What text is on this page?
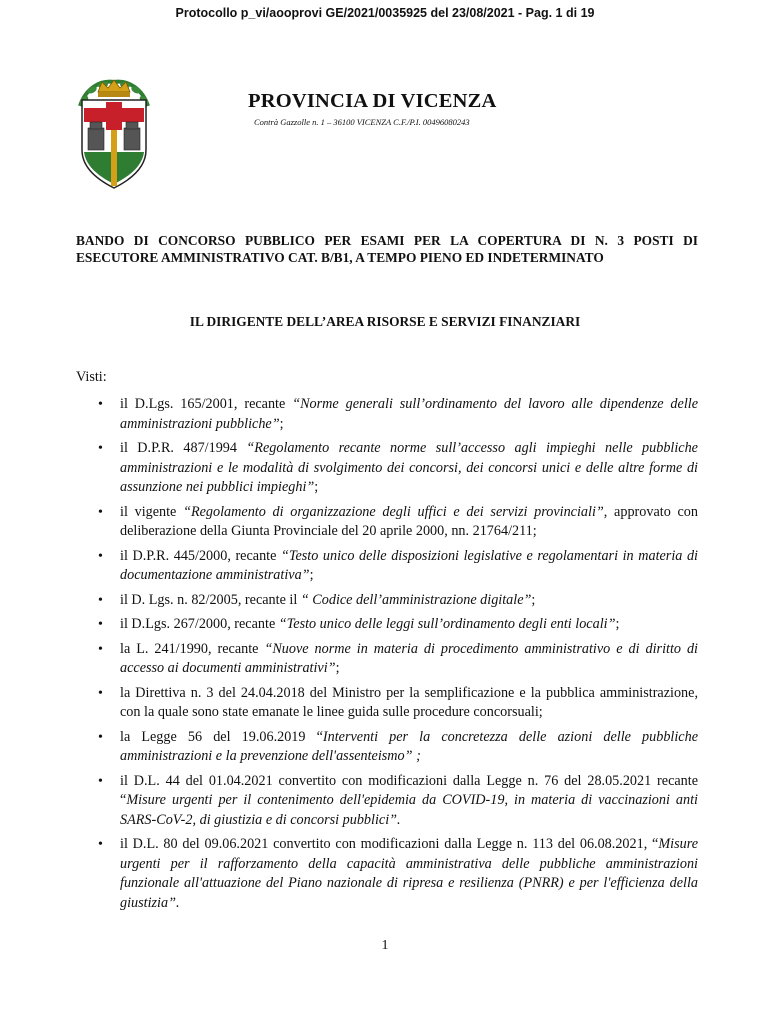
Protocollo p_vi/aooprovi GE/2021/0035925 del 23/08/2021 - Pag. 1 di 19
PROVINCIA DI VICENZA
Contrà Gazzolle n. 1 – 36100 VICENZA C.F./P.I. 00496080243
BANDO DI CONCORSO PUBBLICO PER ESAMI PER LA COPERTURA DI N. 3 POSTI DI ESECUTORE AMMINISTRATIVO CAT. B/B1, A TEMPO PIENO ED INDETERMINATO
IL DIRIGENTE DELL’AREA RISORSE E SERVIZI FINANZIARI
Visti:
• il D.Lgs. 165/2001, recante “Norme generali sull’ordinamento del lavoro alle dipendenze delle amministrazioni pubbliche”;
• il D.P.R. 487/1994 “Regolamento recante norme sull’accesso agli impieghi nelle pubbliche amministrazioni e le modalità di svolgimento dei concorsi, dei concorsi unici e delle altre forme di assunzione nei pubblici impieghi”;
• il vigente “Regolamento di organizzazione degli uffici e dei servizi provinciali”, approvato con deliberazione della Giunta Provinciale del 20 aprile 2000, nn. 21764/211;
• il D.P.R. 445/2000, recante “Testo unico delle disposizioni legislative e regolamentari in materia di documentazione amministrativa”;
• il D. Lgs. n. 82/2005, recante il “ Codice dell’amministrazione digitale”;
• il D.Lgs. 267/2000, recante “Testo unico delle leggi sull’ordinamento degli enti locali”;
• la L. 241/1990, recante “Nuove norme in materia di procedimento amministrativo e di diritto di accesso ai documenti amministrativi”;
• la Direttiva n. 3 del 24.04.2018 del Ministro per la semplificazione e la pubblica amministrazione, con la quale sono state emanate le linee guida sulle procedure concorsuali;
• la Legge 56 del 19.06.2019 “Interventi per la concretezza delle azioni delle pubbliche amministrazioni e la prevenzione dell'assenteismo” ;
• il D.L. 44 del 01.04.2021 convertito con modificazioni dalla Legge n. 76 del 28.05.2021 recante “Misure urgenti per il contenimento dell'epidemia da COVID-19, in materia di vaccinazioni anti SARS-CoV-2, di giustizia e di concorsi pubblici”.
• il D.L. 80 del 09.06.2021 convertito con modificazioni dalla Legge n. 113 del 06.08.2021, “Misure urgenti per il rafforzamento della capacità amministrativa delle pubbliche amministrazioni funzionale all'attuazione del Piano nazionale di ripresa e resilienza (PNRR) e per l'efficienza della giustizia”.
1
